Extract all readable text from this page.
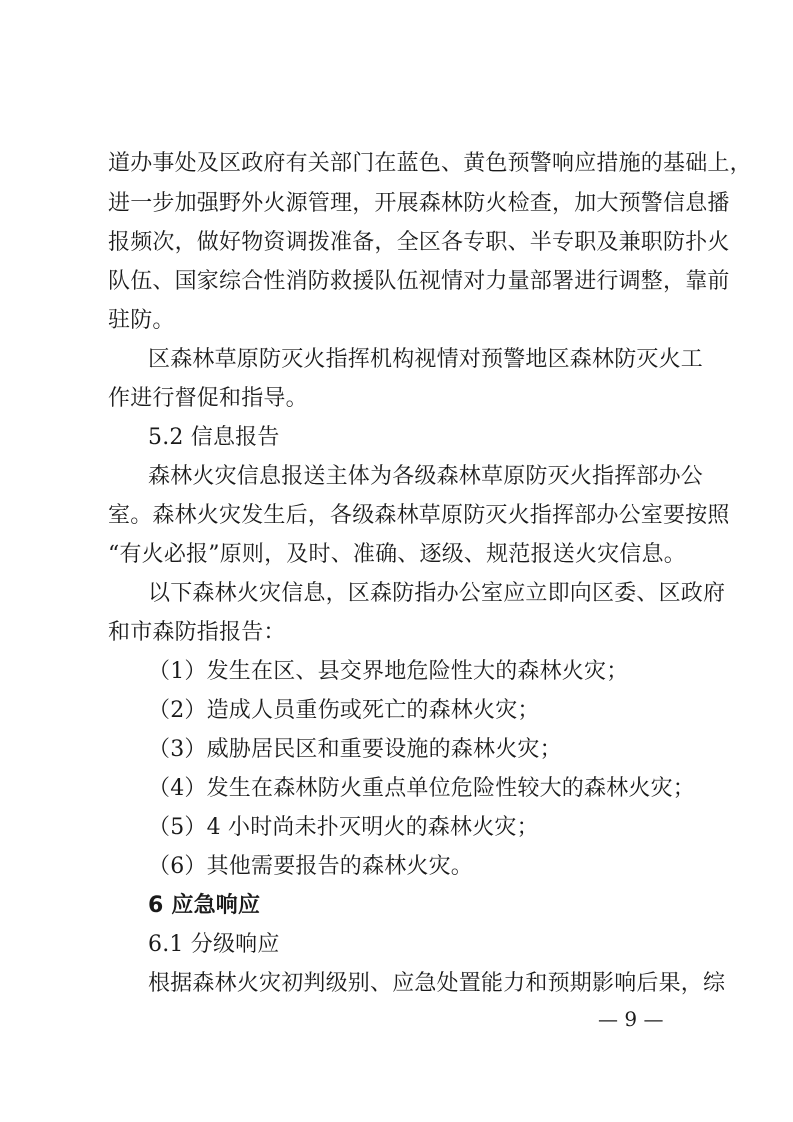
道办事处及区政府有关部门在蓝色、黄色预警响应措施的基础上，
进一步加强野外火源管理，开展森林防火检查，加大预警信息播
报频次，做好物资调拨准备，全区各专职、半专职及兼职防扑火
队伍、国家综合性消防救援队伍视情对力量部署进行调整，靠前
驻防。
区森林草原防灭火指挥机构视情对预警地区森林防灭火工
作进行督促和指导。
5.2 信息报告
森林火灾信息报送主体为各级森林草原防灭火指挥部办公
室。森林火灾发生后，各级森林草原防灭火指挥部办公室要按照
“有火必报”原则，及时、准确、逐级、规范报送火灾信息。
以下森林火灾信息，区森防指办公室应立即向区委、区政府
和市森防指报告：
（1）发生在区、县交界地危险性大的森林火灾；
（2）造成人员重伤或死亡的森林火灾；
（3）威胁居民区和重要设施的森林火灾；
（4）发生在森林防火重点单位危险性较大的森林火灾；
（5）4 小时尚未扑灭明火的森林火灾；
（6）其他需要报告的森林火灾。
6 应急响应
6.1 分级响应
根据森林火灾初判级别、应急处置能力和预期影响后果，综
— 9 —
